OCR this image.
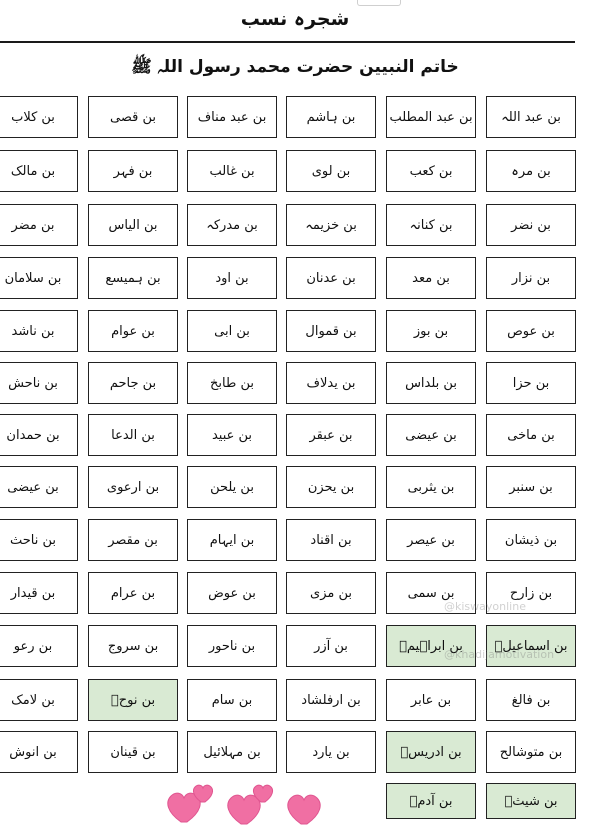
شجرہ نسب
خاتم النبیین حضرت محمد رسول اللہ ﷺ
بن عبد اللہ
بن عبد المطلب
بن ہاشم
بن عبد مناف
بن قصی
بن کلاب
بن مرہ
بن کعب
بن لوی
بن غالب
بن فہر
بن مالک
بن نضر
بن کنانہ
بن خزیمہ
بن مدرکہ
بن الیاس
بن مضر
بن نزار
بن معد
بن عدنان
بن اود
بن ہمیسع
بن سلامان
بن عوص
بن بوز
بن قموال
بن ابی
بن عوام
بن ناشد
بن حزا
بن بلداس
بن یدلاف
بن طابخ
بن جاحم
بن ناحش
بن ماخی
بن عیضی
بن عبقر
بن عبید
بن الدعا
بن حمدان
بن سنبر
بن یثربی
بن یحزن
بن یلحن
بن ارعوی
بن عیضی
بن ذیشان
بن عیصر
بن اقناد
بن ایہام
بن مقصر
بن ناحث
بن زارح
بن سمی
بن مزی
بن عوض
بن عرام
بن قیدار
بن اسماعیلؑ
بن ابراہیمؑ
بن آزر
بن ناحور
بن سروج
بن رعو
بن فالغ
بن عابر
بن ارفلشاد
بن سام
بن نوحؑ
بن لامک
بن متوشالح
بن ادریسؑ
بن یارد
بن مہلائیل
بن قینان
بن انوش
بن شیثؑ
بن آدمؑ
@kiswayonline
@khadijamotivation
